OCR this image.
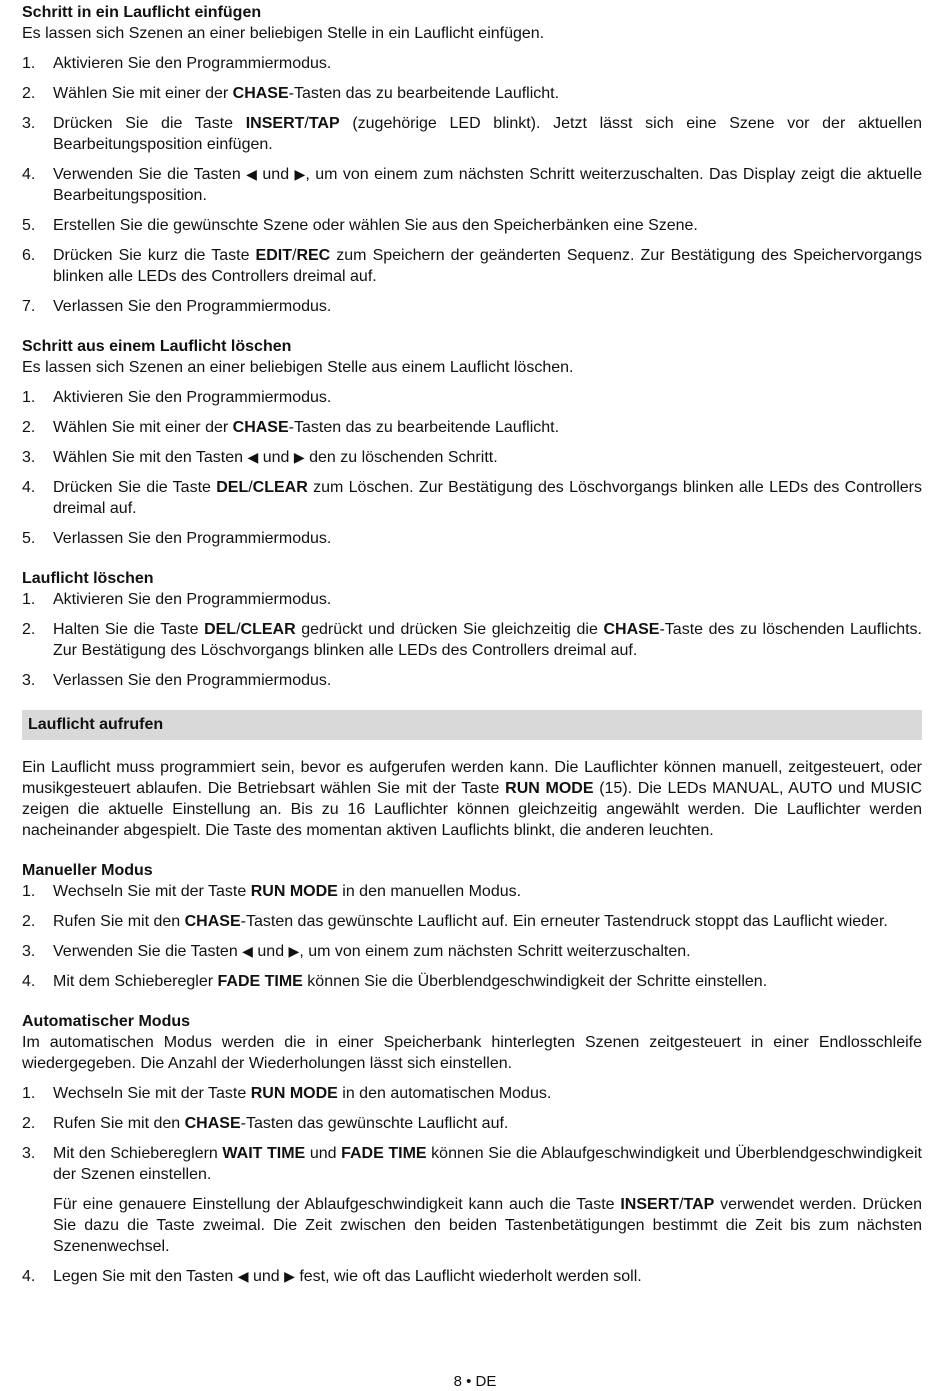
Schritt in ein Lauflicht einfügen

Es lassen sich Szenen an einer beliebigen Stelle in ein Lauflicht einfügen.

1. Aktivieren Sie den Programmiermodus.
2. Wählen Sie mit einer der CHASE-Tasten das zu bearbeitende Lauflicht.
3. Drücken Sie die Taste INSERT/TAP (zugehörige LED blinkt). Jetzt lässt sich eine Szene vor der aktuellen Bearbeitungsposition einfügen.
4. Verwenden Sie die Tasten ◀ und ▶, um von einem zum nächsten Schritt weiterzuschalten. Das Display zeigt die aktuelle Bearbeitungsposition.
5. Erstellen Sie die gewünschte Szene oder wählen Sie aus den Speicherbänken eine Szene.
6. Drücken Sie kurz die Taste EDIT/REC zum Speichern der geänderten Sequenz. Zur Bestätigung des Speichervorgangs blinken alle LEDs des Controllers dreimal auf.
7. Verlassen Sie den Programmiermodus.

Schritt aus einem Lauflicht löschen

Es lassen sich Szenen an einer beliebigen Stelle aus einem Lauflicht löschen.

1. Aktivieren Sie den Programmiermodus.
2. Wählen Sie mit einer der CHASE-Tasten das zu bearbeitende Lauflicht.
3. Wählen Sie mit den Tasten ◀ und ▶ den zu löschenden Schritt.
4. Drücken Sie die Taste DEL/CLEAR zum Löschen. Zur Bestätigung des Löschvorgangs blinken alle LEDs des Controllers dreimal auf.
5. Verlassen Sie den Programmiermodus.

Lauflicht löschen

1. Aktivieren Sie den Programmiermodus.
2. Halten Sie die Taste DEL/CLEAR gedrückt und drücken Sie gleichzeitig die CHASE-Taste des zu löschenden Lauflichts. Zur Bestätigung des Löschvorgangs blinken alle LEDs des Controllers dreimal auf.
3. Verlassen Sie den Programmiermodus.
Lauflicht aufrufen

Ein Lauflicht muss programmiert sein, bevor es aufgerufen werden kann. Die Lauflichter können manuell, zeitgesteuert, oder musikgesteuert ablaufen. Die Betriebsart wählen Sie mit der Taste RUN MODE (15). Die LEDs MANUAL, AUTO und MUSIC zeigen die aktuelle Einstellung an. Bis zu 16 Lauflichter können gleichzeitig angewählt werden. Die Lauflichter werden nacheinander abgespielt. Die Taste des momentan aktiven Lauflichts blinkt, die anderen leuchten.

Manueller Modus

1. Wechseln Sie mit der Taste RUN MODE in den manuellen Modus.
2. Rufen Sie mit den CHASE-Tasten das gewünschte Lauflicht auf. Ein erneuter Tastendruck stoppt das Lauflicht wieder.
3. Verwenden Sie die Tasten ◀ und ▶, um von einem zum nächsten Schritt weiterzuschalten.
4. Mit dem Schieberegler FADE TIME können Sie die Überblendgeschwindigkeit der Schritte einstellen.

Automatischer Modus

Im automatischen Modus werden die in einer Speicherbank hinterlegten Szenen zeitgesteuert in einer Endlosschleife wiedergegeben. Die Anzahl der Wiederholungen lässt sich einstellen.

1. Wechseln Sie mit der Taste RUN MODE in den automatischen Modus.
2. Rufen Sie mit den CHASE-Tasten das gewünschte Lauflicht auf.
3. Mit den Schiebereglern WAIT TIME und FADE TIME können Sie die Ablaufgeschwindigkeit und Überblendgeschwindigkeit der Szenen einstellen.
Für eine genauere Einstellung der Ablaufgeschwindigkeit kann auch die Taste INSERT/TAP verwendet werden. Drücken Sie dazu die Taste zweimal. Die Zeit zwischen den beiden Tastenbetätigungen bestimmt die Zeit bis zum nächsten Szenenwechsel.
4. Legen Sie mit den Tasten ◀ und ▶ fest, wie oft das Lauflicht wiederholt werden soll.
8 • DE
